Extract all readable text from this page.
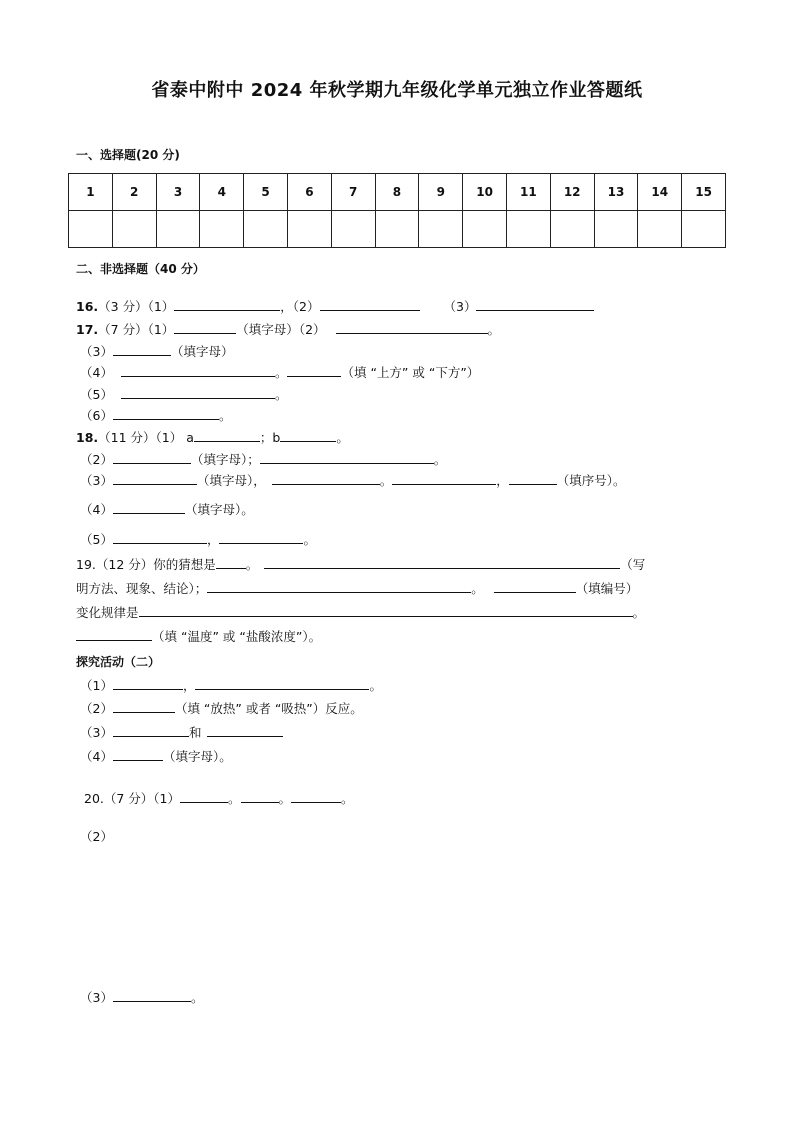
省泰中附中 2024 年秋学期九年级化学单元独立作业答题纸
一、选择题(20 分)
1	2	3	4	5	6	7	8	9	10	11	12	13	14	15

二、非选择题（40 分）
16.（3 分）（1）	，（2）	（3）
17.（7 分）（1）	（填字母）（2）	。
（3）	（填字母）
（4）	。	（填 “上方” 或 “下方”）
（5）	。
（6）	。
18.（11 分）（1） a	；b	。
（2）	（填字母）；	。
（3）	（填字母），	。	，	（填序号）。
（4）	（填字母）。
（5）	，	。
19.（12 分）你的猜想是 。	（写
明方法、现象、结论）；	。	（填编号）
变化规律是	。
（填 “温度” 或 “盐酸浓度”）。
探究活动（二）
（1）	，	。
（2）	（填 “放热” 或者 “吸热”）反应。
（3）	和
（4）	（填字母）。
20.（7 分）（1）	。	。	。
（2）
（3）	。
